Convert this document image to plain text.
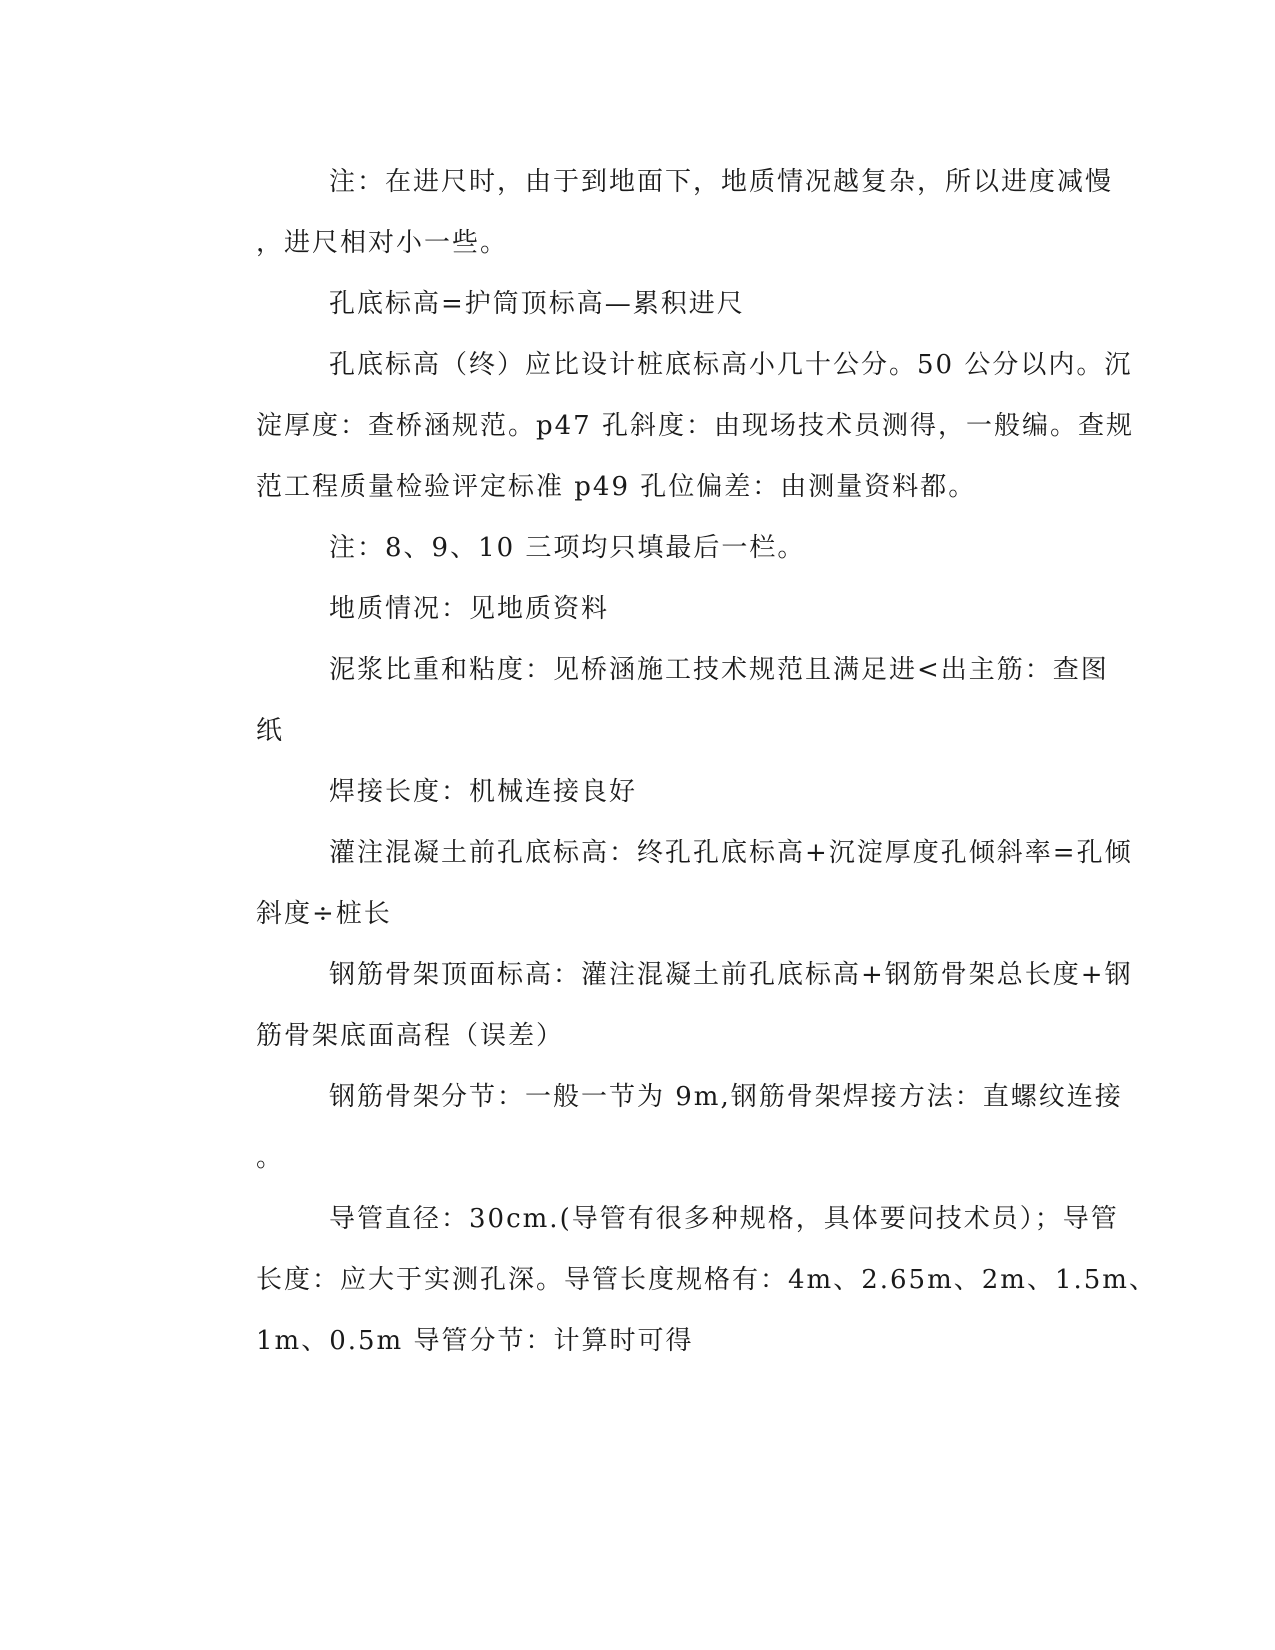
注：在进尺时，由于到地面下，地质情况越复杂，所以进度减慢
，进尺相对小一些。
孔底标高=护筒顶标高—累积进尺
孔底标高（终）应比设计桩底标高小几十公分。50 公分以内。沉
淀厚度：查桥涵规范。p47 孔斜度：由现场技术员测得，一般编。查规
范工程质量检验评定标准 p49 孔位偏差：由测量资料都。
注：8、9、10 三项均只填最后一栏。
地质情况：见地质资料
泥浆比重和粘度：见桥涵施工技术规范且满足进<出主筋：查图
纸
焊接长度：机械连接良好
灌注混凝土前孔底标高：终孔孔底标高+沉淀厚度孔倾斜率=孔倾
斜度÷桩长
钢筋骨架顶面标高：灌注混凝土前孔底标高+钢筋骨架总长度+钢
筋骨架底面高程（误差）
钢筋骨架分节：一般一节为 9m,钢筋骨架焊接方法：直螺纹连接
。
导管直径：30cm.(导管有很多种规格，具体要问技术员）；导管
长度：应大于实测孔深。导管长度规格有：4m、2.65m、2m、1.5m、
1m、0.5m 导管分节：计算时可得
